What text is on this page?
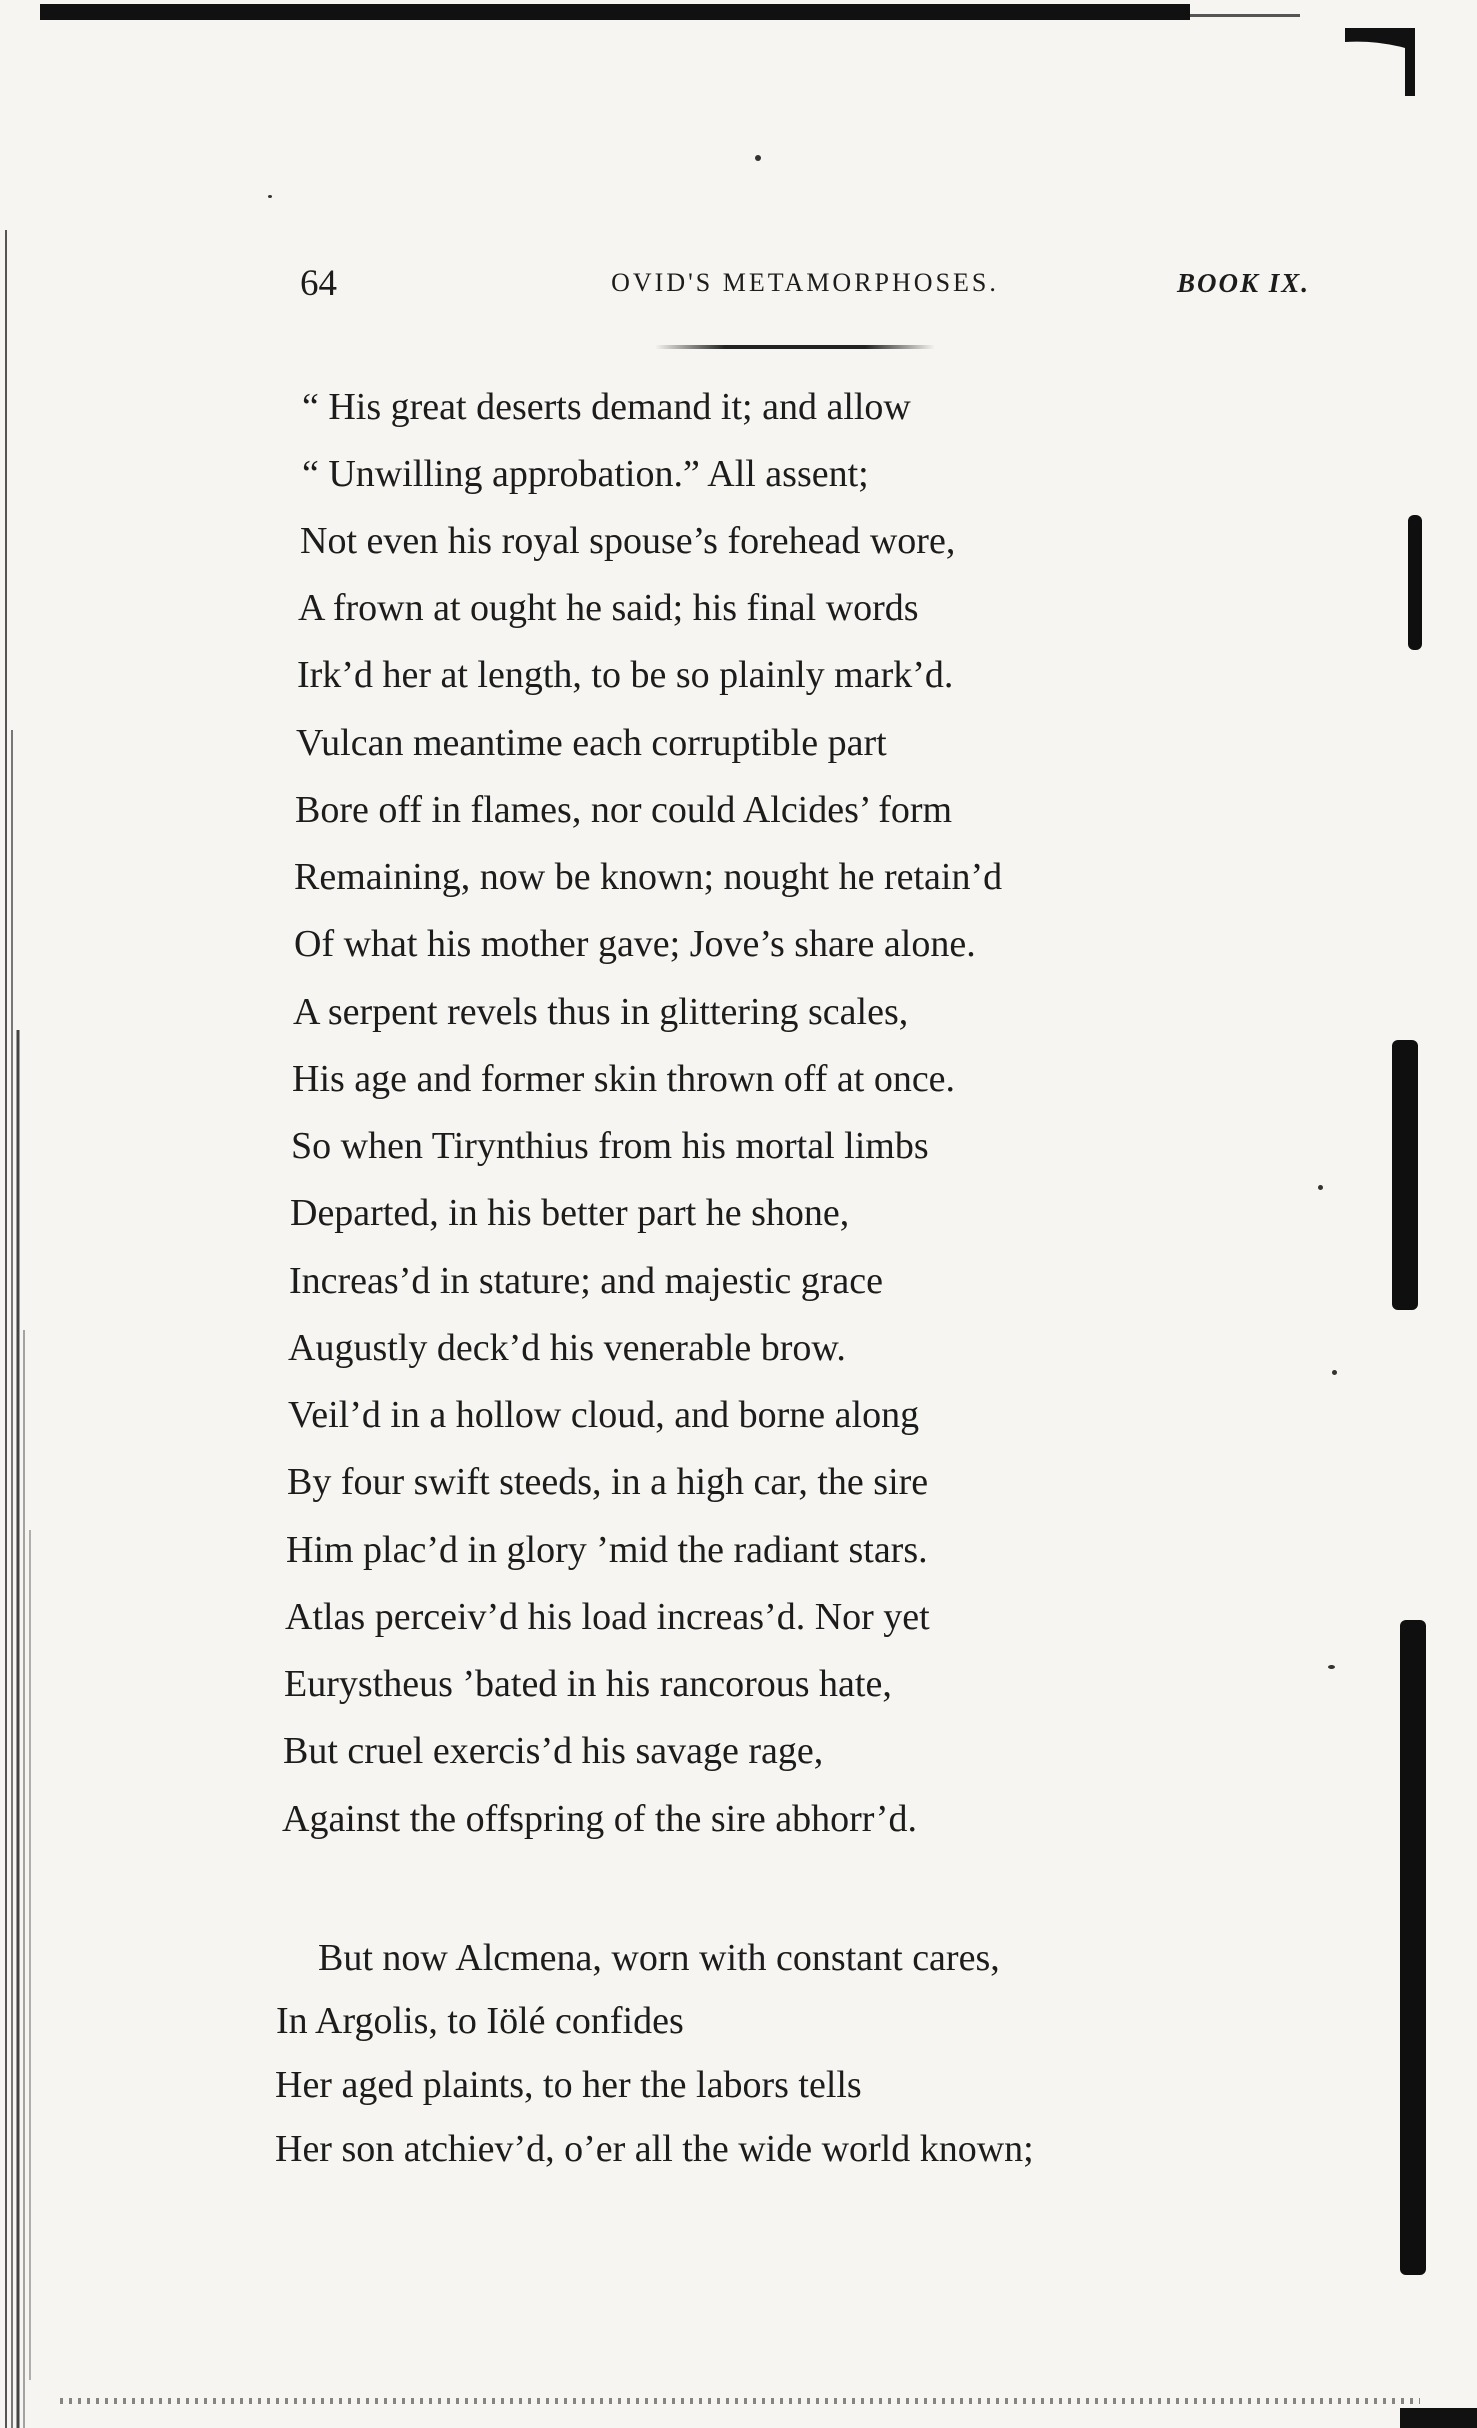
64	OVID'S METAMORPHOSES.	BOOK IX.
“ His great deserts demand it; and allow
“ Unwilling approbation.” All assent;
Not even his royal spouse’s forehead wore,
A frown at ought he said; his final words
Irk’d her at length, to be so plainly mark’d.
Vulcan meantime each corruptible part
Bore off in flames, nor could Alcides’ form
Remaining, now be known; nought he retain’d
Of what his mother gave; Jove’s share alone.
A serpent revels thus in glittering scales,
His age and former skin thrown off at once.
So when Tirynthius from his mortal limbs
Departed, in his better part he shone,
Increas’d in stature; and majestic grace
Augustly deck’d his venerable brow.
Veil’d in a hollow cloud, and borne along
By four swift steeds, in a high car, the sire
Him plac’d in glory ’mid the radiant stars.
Atlas perceiv’d his load increas’d. Nor yet
Eurystheus ’bated in his rancorous hate,
But cruel exercis’d his savage rage,
Against the offspring of the sire abhorr’d.
But now Alcmena, worn with constant cares,
In Argolis, to Iölé confides
Her aged plaints, to her the labors tells
Her son atchiev’d, o’er all the wide world known;
